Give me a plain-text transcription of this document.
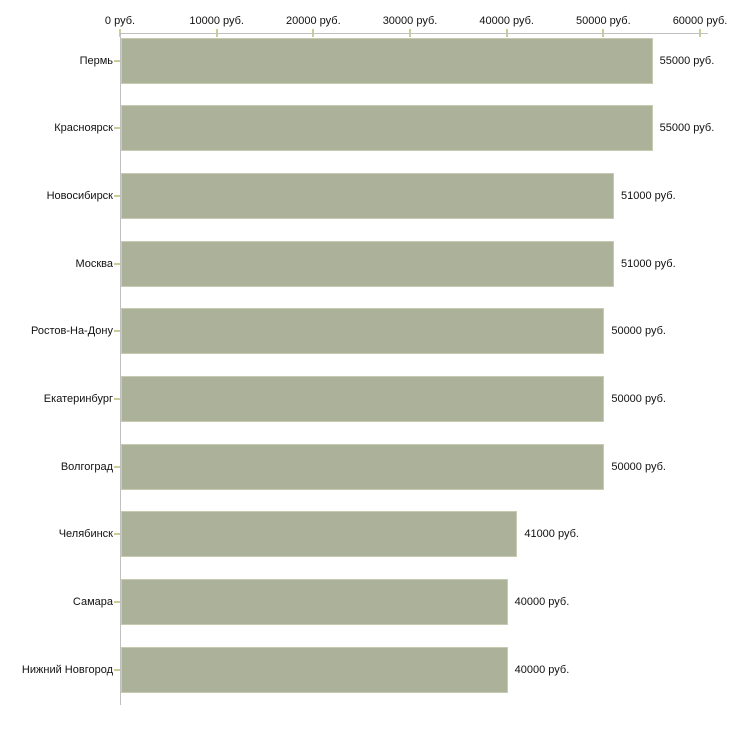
0 руб.	10000 руб.	20000 руб.	30000 руб.	40000 руб.	50000 руб.	60000 руб.
Пермь	55000 руб.
Красноярск	55000 руб.
Новосибирск	51000 руб.
Москва	51000 руб.
Ростов-На-Дону	50000 руб.
Екатеринбург	50000 руб.
Волгоград	50000 руб.
Челябинск	41000 руб.
Самара	40000 руб.
Нижний Новгород	40000 руб.
